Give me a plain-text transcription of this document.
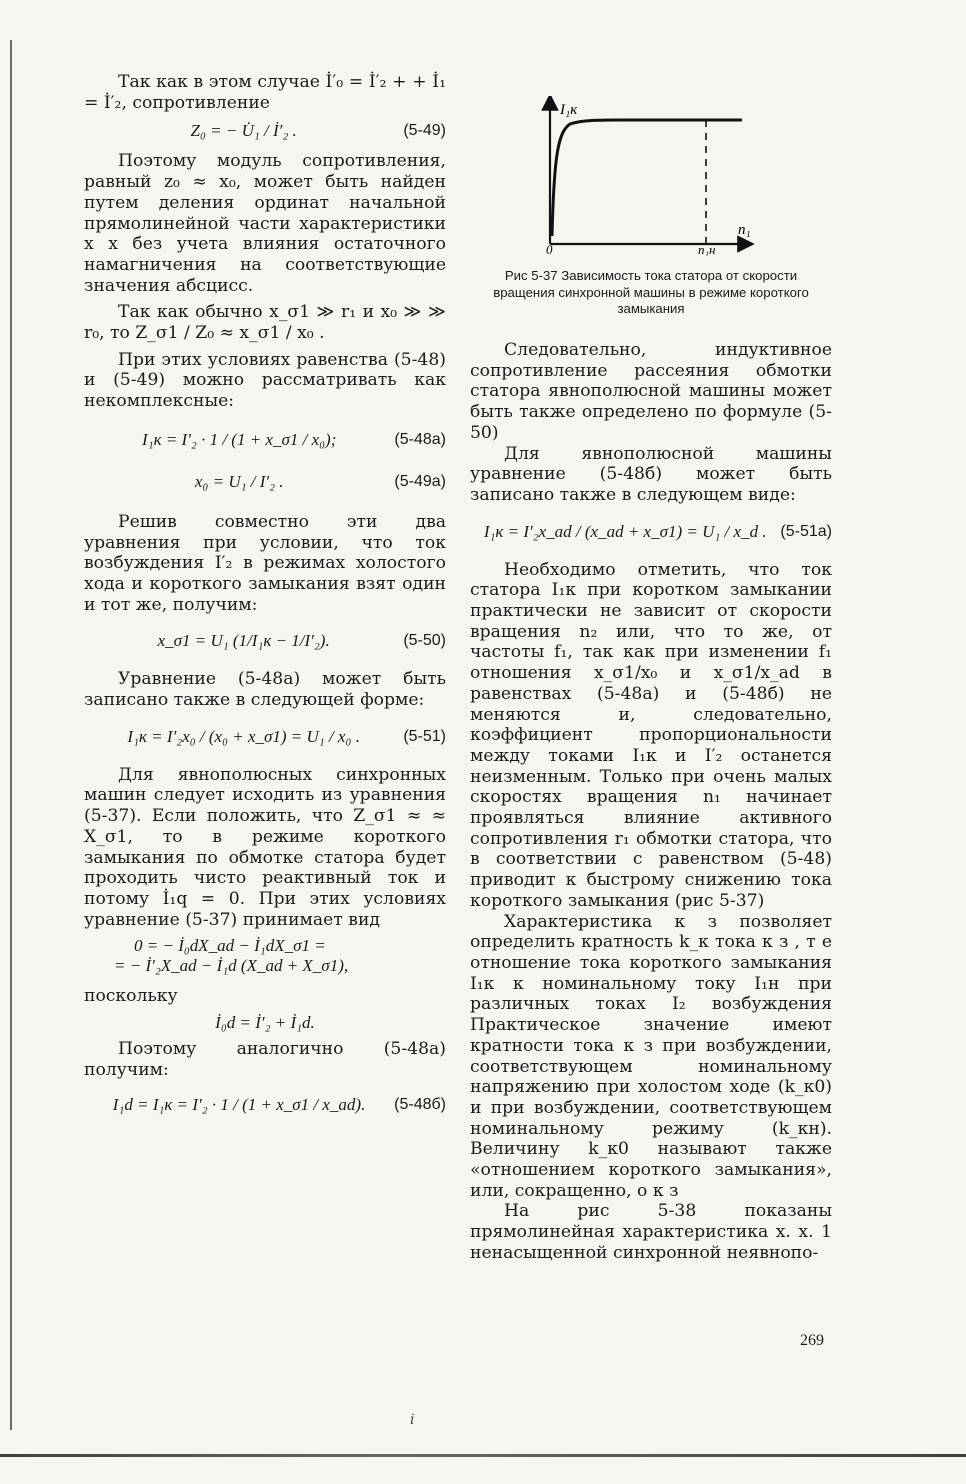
Так как в этом случае İ′₀ = İ′₂ + + İ₁ = İ′₂, сопротивление

Z₀ = − U̇₁ / İ′₂ .	(5-49)

Поэтому модуль сопротивления, равный z₀ ≈ x₀, может быть найден путем деления ординат начальной прямолинейной части характеристики х х без учета влияния остаточного намагничения на соответствующие значения абсцисс.

Так как обычно x_σ1 ≫ r₁ и x₀ ≫ ≫ r₀, то Z_σ1 / Z₀ ≈ x_σ1 / x₀ .

При этих условиях равенства (5-48) и (5-49) можно рассматривать как некомплексные:

I₁к = I′₂ · 1 / (1 + x_σ1 / x₀);	(5-48а)
x₀ = U₁ / I′₂ .	(5-49а)

Решив совместно эти два уравнения при условии, что ток возбуждения I′₂ в режимах холостого хода и короткого замыкания взят один и тот же, получим:

x_σ1 = U₁ (1/I₁к − 1/I′₂).	(5-50)

Уравнение (5-48а) может быть записано также в следующей форме:

I₁к = I′₂x₀ / (x₀ + x_σ1) = U₁ / x₀ .	(5-51)

Для явнополюсных синхронных машин следует исходить из уравнения (5-37). Если положить, что Z_σ1 ≈ ≈ X_σ1, то в режиме короткого замыкания по обмотке статора будет проходить чисто реактивный ток и потому İ₁q = 0. При этих условиях уравнение (5-37) принимает вид

0 = − İ₀dX_ad − İ₁dX_σ1 =
= − İ′₂X_ad − İ₁d (X_ad + X_σ1),

поскольку

İ₀d = İ′₂ + İ₁d.

Поэтому аналогично (5-48а) получим:

I₁d = I₁к = I′₂ · 1 / (1 + x_σ1 / x_ad).	(5-48б)
I₁к
n₁
0	n₁н
Рис 5-37 Зависимость тока статора от скорости вращения синхронной машины в режиме короткого замыкания

Следовательно, индуктивное сопротивление рассеяния обмотки статора явнополюсной машины может быть также определено по формуле (5-50)

Для явнополюсной машины уравнение (5-48б) может быть записано также в следующем виде:

I₁к = I′₂x_ad / (x_ad + x_σ1) = U₁ / x_d . (5-51а)

Необходимо отметить, что ток статора I₁к при коротком замыкании практически не зависит от скорости вращения n₂ или, что то же, от частоты f₁, так как при изменении f₁ отношения x_σ1/x₀ и x_σ1/x_ad в равенствах (5-48а) и (5-48б) не меняются и, следовательно, коэффициент пропорциональности между токами I₁к и I′₂ останется неизменным. Только при очень малых скоростях вращения n₁ начинает проявляться влияние активного сопротивления r₁ обмотки статора, что в соответствии с равенством (5-48) приводит к быстрому снижению тока короткого замыкания (рис 5-37)

Характеристика к з позволяет определить кратность k_к тока к з , т е отношение тока короткого замыкания I₁к к номинальному току I₁н при различных токах I₂ возбуждения Практическое значение имеют кратности тока к з при возбуждении, соответствующем номинальному напряжению при холостом ходе (k_к0) и при возбуждении, соответствующем номинальному режиму (k_кн). Величину k_к0 называют также «отношением короткого замыкания», или, сокращенно, о к з

На рис 5-38 показаны прямолинейная характеристика х. х. 1 ненасыщенной синхронной неявнопо-

269
i
